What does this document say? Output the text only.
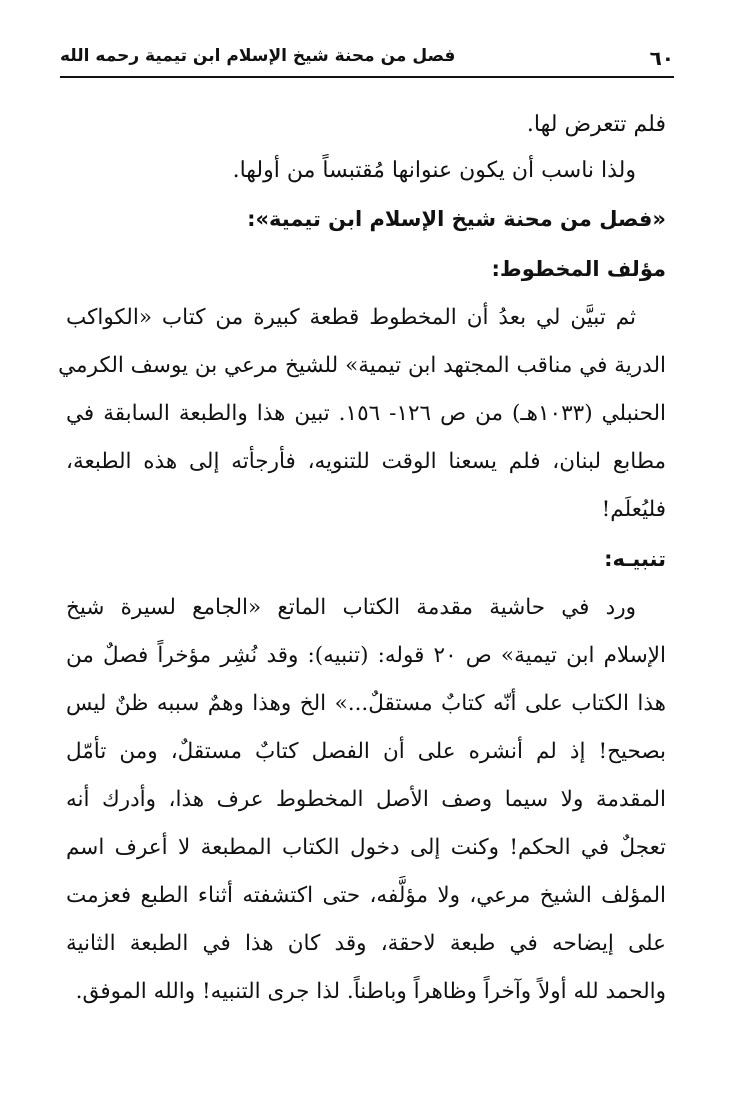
٦٠
فصل من محنة شيخ الإسلام ابن تيمية رحمه الله
فلم تتعرض لها.
ولذا ناسب أن يكون عنوانها مُقتبساً من أولها.
«فصل من محنة شيخ الإسلام ابن تيمية»:
مؤلف المخطوط:
ثم تبيَّن لي بعدُ أن المخطوط قطعة كبيرة من كتاب «الكواكب
الدرية في مناقب المجتهد ابن تيمية» للشيخ مرعي بن يوسف الكرمي
الحنبلي (١٠٣٣هـ) من ص ١٢٦- ١٥٦. تبين هذا والطبعة السابقة في
مطابع لبنان، فلم يسعنا الوقت للتنويه، فأرجأته إلى هذه الطبعة،
فليُعلَم!
تنبيـه:
ورد في حاشية مقدمة الكتاب الماتع «الجامع لسيرة شيخ
الإسلام ابن تيمية» ص ٢٠ قوله: (تنبيه): وقد نُشِر مؤخراً فصلٌ من
هذا الكتاب على أنّه كتابٌ مستقلٌ...» الخ وهذا وهمٌ سببه ظنٌ ليس
بصحيح! إذ لم أنشره على أن الفصل كتابٌ مستقلٌ، ومن تأمّل
المقدمة ولا سيما وصف الأصل المخطوط عرف هذا، وأدرك أنه
تعجلٌ في الحكم! وكنت إلى دخول الكتاب المطبعة لا أعرف اسم
المؤلف الشيخ مرعي، ولا مؤلَّفه، حتى اكتشفته أثناء الطبع فعزمت
على إيضاحه في طبعة لاحقة، وقد كان هذا في الطبعة الثانية
والحمد لله أولاً وآخراً وظاهراً وباطناً. لذا جرى التنبيه! والله الموفق.
